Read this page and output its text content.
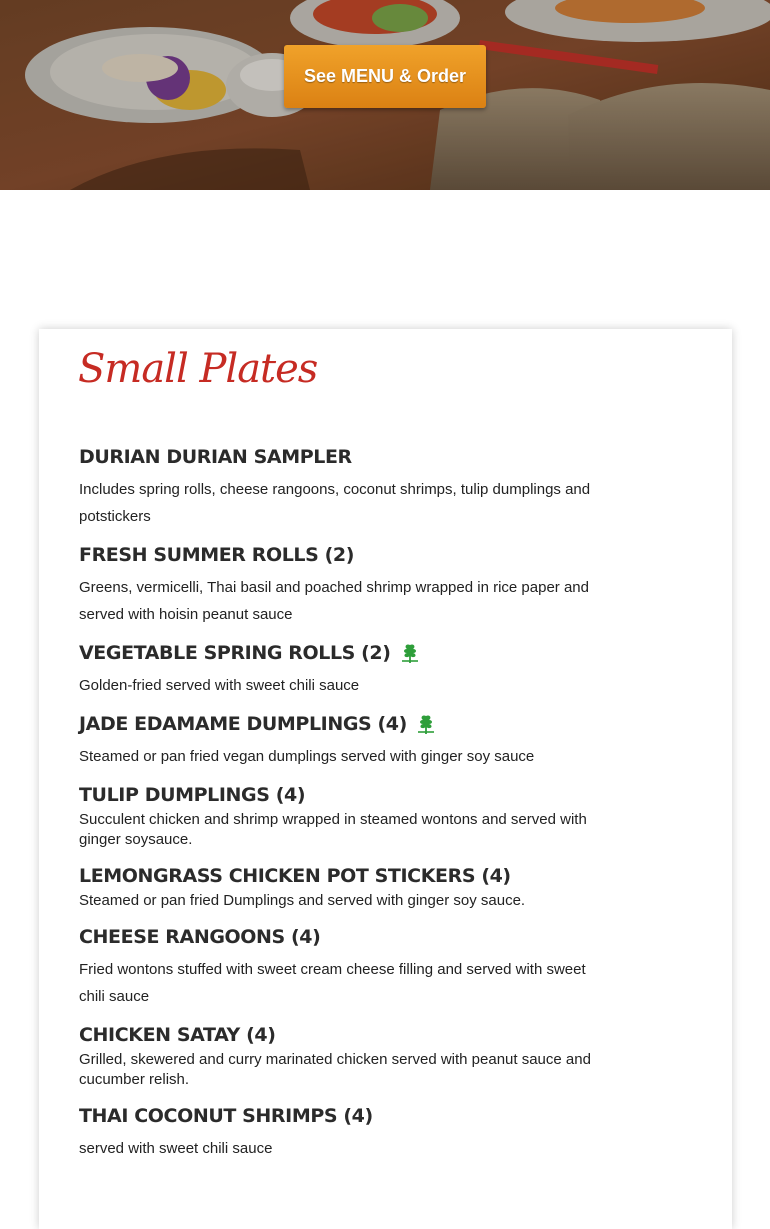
See MENU & Order
Small Plates
DURIAN DURIAN SAMPLER

Includes spring rolls, cheese rangoons, coconut shrimps, tulip dumplings and potstickers

FRESH SUMMER ROLLS (2)

Greens, vermicelli, Thai basil and poached shrimp wrapped in rice paper and served with hoisin peanut sauce

VEGETABLE SPRING ROLLS (2)

Golden-fried served with sweet chili sauce

JADE EDAMAME DUMPLINGS (4)

Steamed or pan fried vegan dumplings served with ginger soy sauce

TULIP DUMPLINGS (4)

Succulent chicken and shrimp wrapped in steamed wontons and served with ginger soysauce.

LEMONGRASS CHICKEN POT STICKERS (4)

Steamed or pan fried Dumplings and served with ginger soy sauce.

CHEESE RANGOONS (4)

Fried wontons stuffed with sweet cream cheese filling and served with sweet chili sauce

CHICKEN SATAY (4)

Grilled, skewered and curry marinated chicken served with peanut sauce and cucumber relish.

THAI COCONUT SHRIMPS (4)

served with sweet chili sauce
